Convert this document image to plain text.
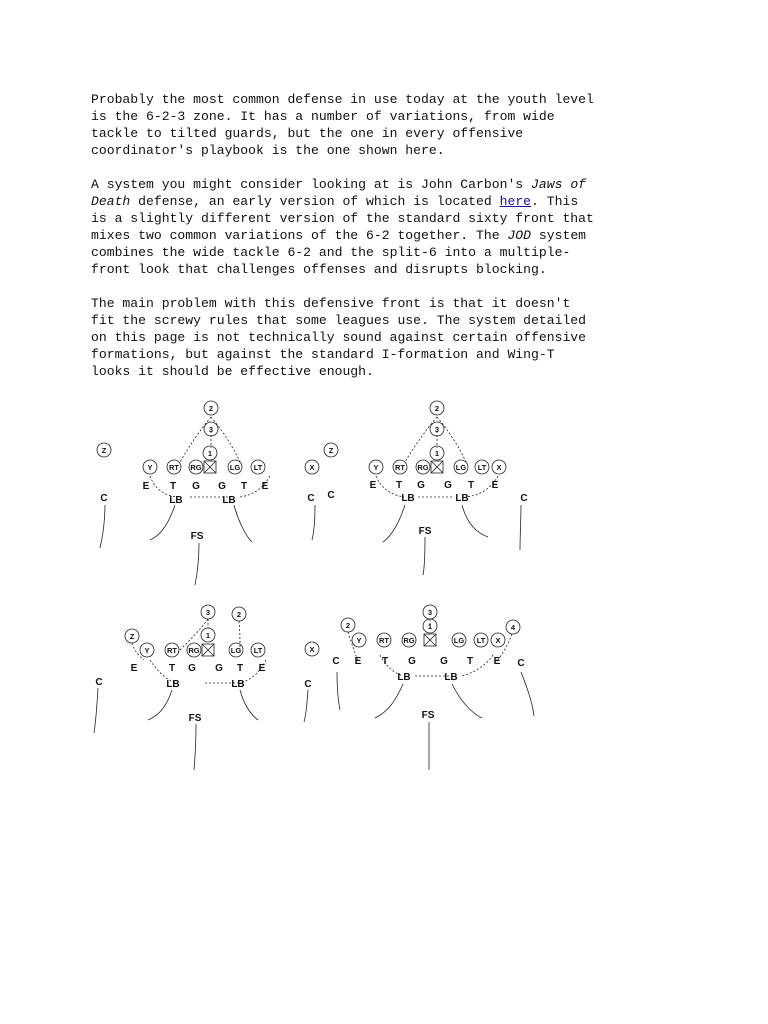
Probably the most common defense in use today at the youth level
is the 6-2-3 zone. It has a number of variations, from wide
tackle to tilted guards, but the one in every offensive
coordinator's playbook is the one shown here.

A system you might consider looking at is John Carbon's Jaws of
Death defense, an early version of which is located here. This
is a slightly different version of the standard sixty front that
mixes two common variations of the 6-2 together. The JOD system
combines the wide tackle 6-2 and the split-6 into a multiple-
front look that challenges offenses and disrupts blocking.

The main problem with this defensive front is that it doesn't
fit the screwy rules that some leagues use. The system detailed
on this page is not technically sound against certain offensive
formations, but against the standard I-formation and Wing-T
looks it should be effective enough.

2
3
1
Z
Y RT RG	LG LT
E T G G T E
LB	LB
C
FS
2
3
1
Z
X	Y RT RG	LG LT X
C C
E T G G T E
LB	LB	C
FS
3	2
1
Z
Y RT RG	LG LT
E	T G G T E
LB	LB
C
FS
3
1
2	4
X
Y RT RG	LG LT X
C
C E T G G T E
LB	LB
C
FS
